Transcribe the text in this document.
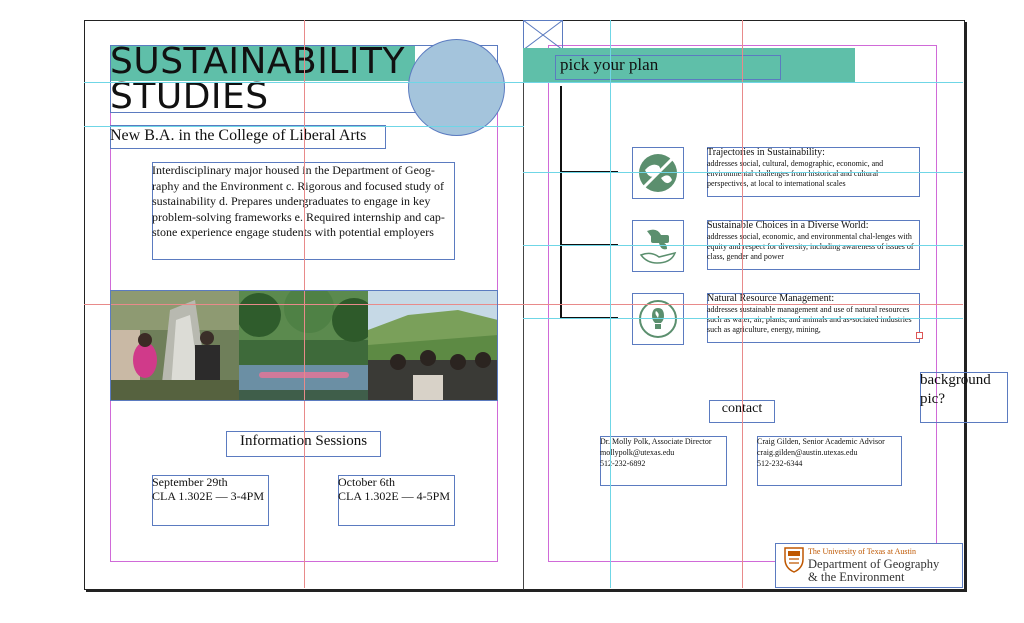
SUSTAINABILITY
STUDIES
New B.A. in the College of Liberal Arts
Interdisciplinary major housed in the Department of Geog-raphy and the Environment c. Rigorous and focused study of sustainability d. Prepares undergraduates to engage in key problem-solving frameworks e. Required internship and cap-stone experience engage students with potential employers
Information Sessions
September 29th
CLA 1.302E — 3-4PM
October 6th
CLA 1.302E — 4-5PM
pick your plan
Trajectories in Sustainability:
addresses social, cultural, demographic, economic, and environmental challenges from historical and cultural perspectives, at local to international scales
Sustainable Choices in a Diverse World:
addresses social, economic, and environmental chal-lenges with equity and respect for diversity, including awareness of issues of class, gender and power
Natural Resource Management:
addresses sustainable management and use of natural resources such as water, air, plants, and animals and as-sociated industries such as agriculture, energy, mining,
background pic?
contact
Dr. Molly Polk, Associate Director
mollypolk@utexas.edu
512-232-6892
Craig Gilden, Senior Academic Advisor
craig.gilden@austin.utexas.edu
512-232-6344
The University of Texas at Austin
Department of Geography
& the Environment
